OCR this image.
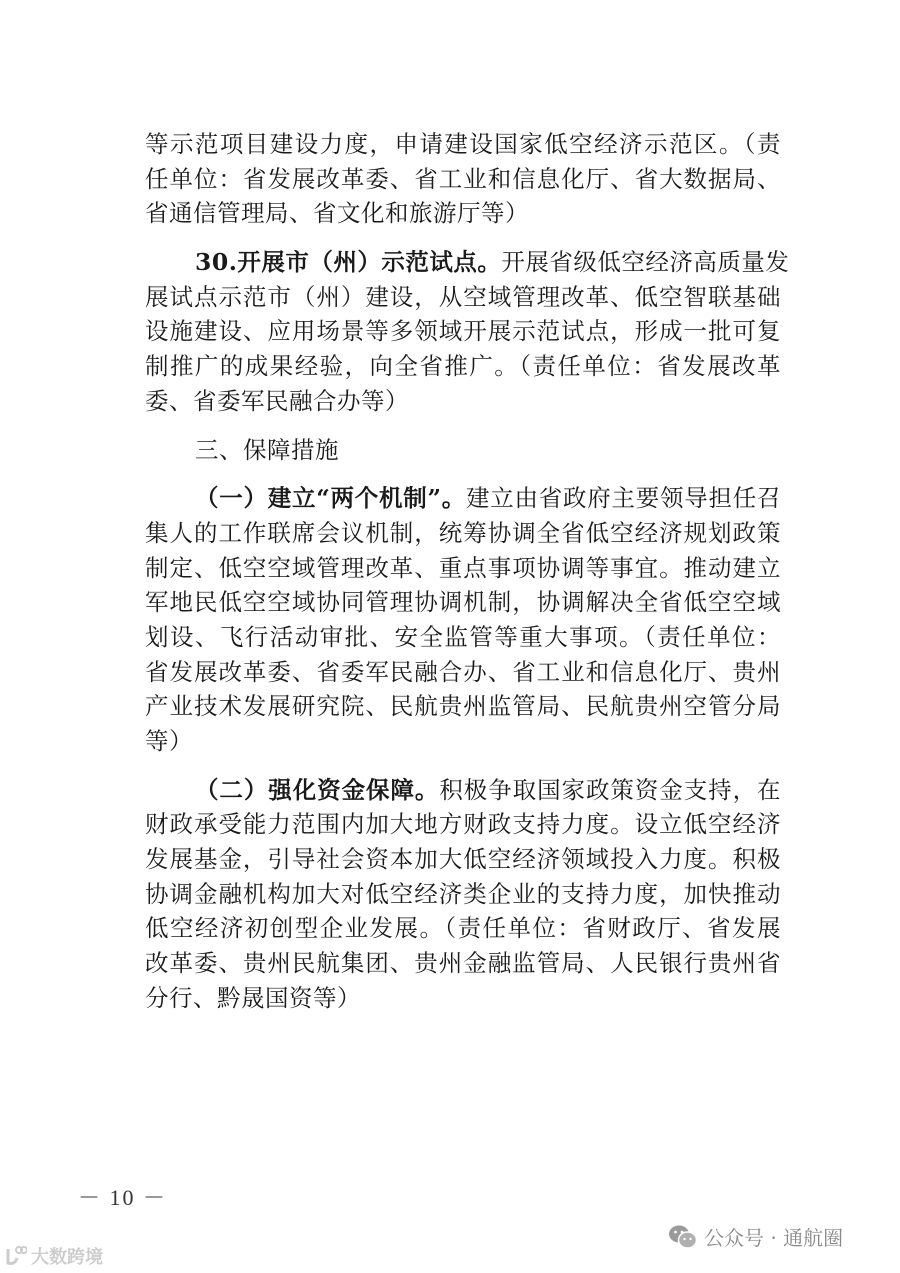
等示范项目建设力度，申请建设国家低空经济示范区。（责
任单位：省发展改革委、省工业和信息化厅、省大数据局、
省通信管理局、省文化和旅游厅等）
30.开展市（州）示范试点。开展省级低空经济高质量发
展试点示范市（州）建设，从空域管理改革、低空智联基础
设施建设、应用场景等多领域开展示范试点，形成一批可复
制推广的成果经验，向全省推广。（责任单位：省发展改革
委、省委军民融合办等）
三、保障措施
（一）建立“两个机制”。建立由省政府主要领导担任召
集人的工作联席会议机制，统筹协调全省低空经济规划政策
制定、低空空域管理改革、重点事项协调等事宜。推动建立
军地民低空空域协同管理协调机制，协调解决全省低空空域
划设、飞行活动审批、安全监管等重大事项。（责任单位：
省发展改革委、省委军民融合办、省工业和信息化厅、贵州
产业技术发展研究院、民航贵州监管局、民航贵州空管分局
等）
（二）强化资金保障。积极争取国家政策资金支持，在
财政承受能力范围内加大地方财政支持力度。设立低空经济
发展基金，引导社会资本加大低空经济领域投入力度。积极
协调金融机构加大对低空经济类企业的支持力度，加快推动
低空经济初创型企业发展。（责任单位：省财政厅、省发展
改革委、贵州民航集团、贵州金融监管局、人民银行贵州省
分行、黔晟国资等）
－ 10 －
公众号 · 通航圈
大数跨境
